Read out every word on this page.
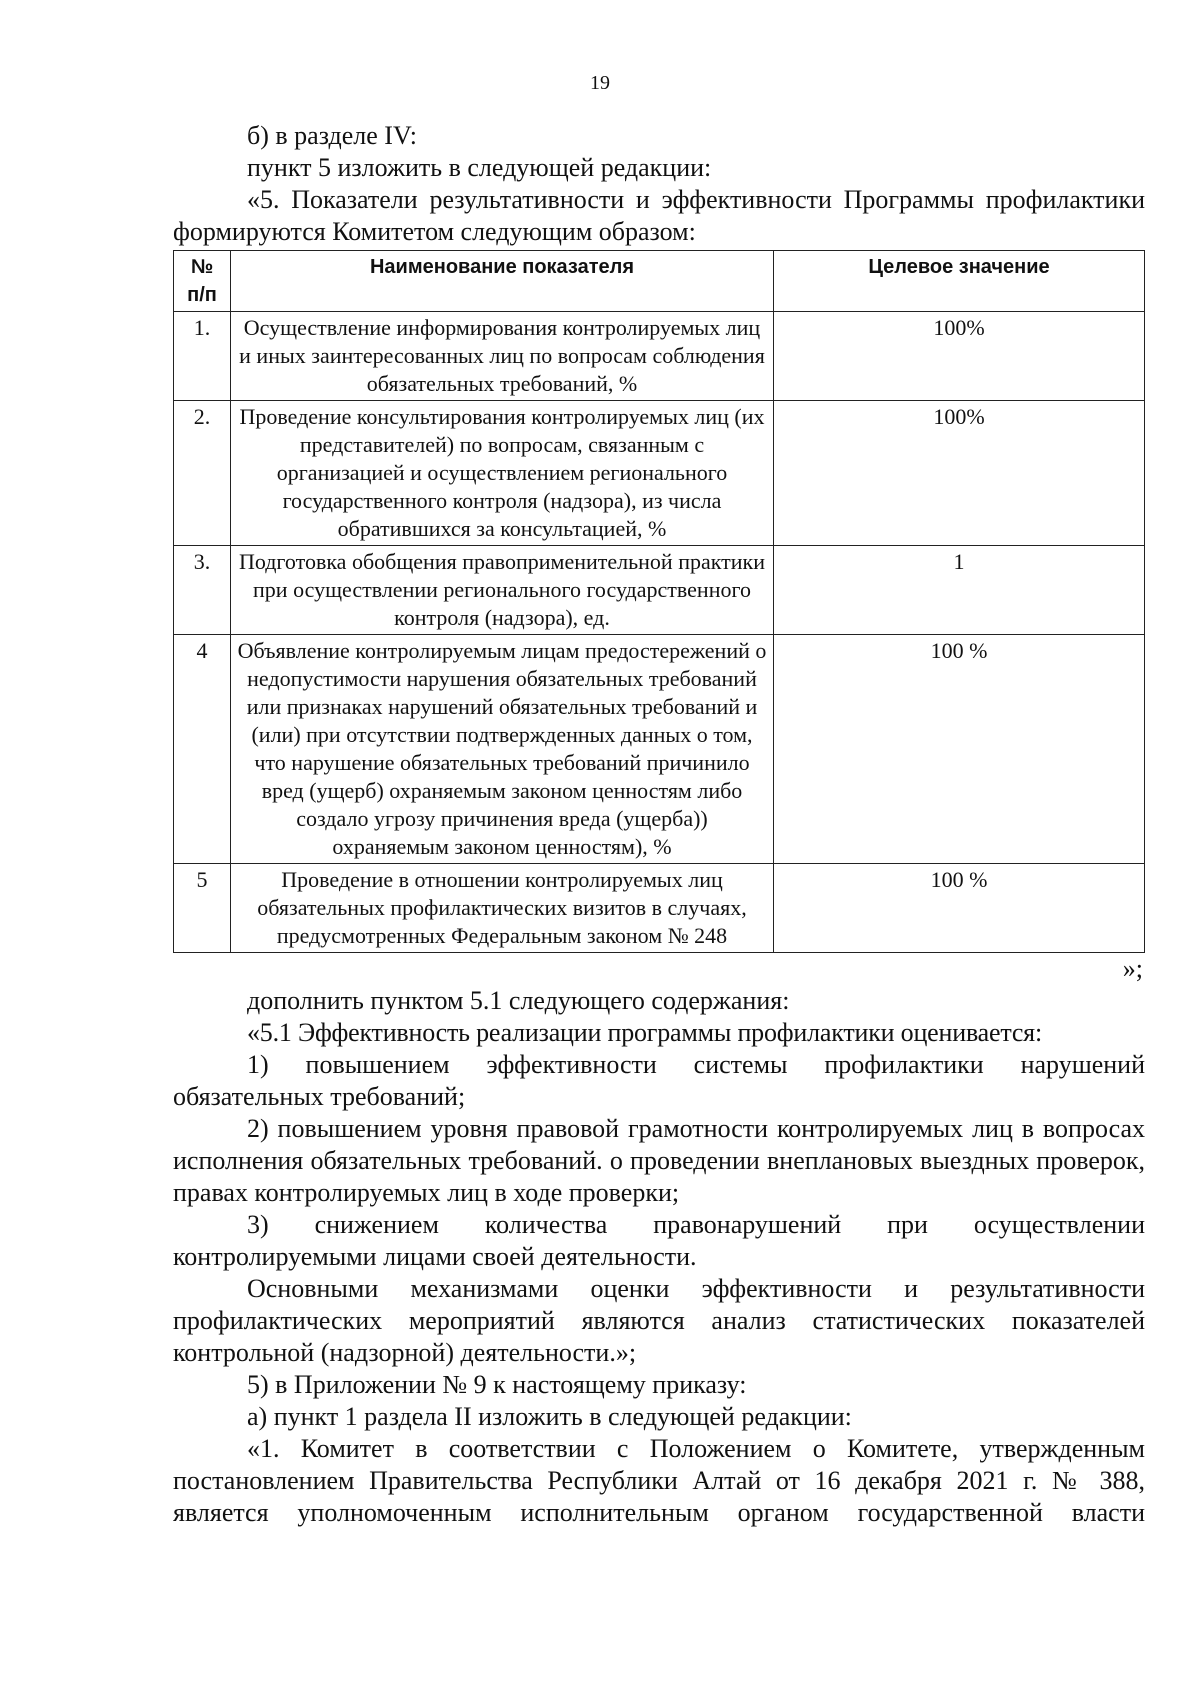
19

б) в разделе IV:

пункт 5 изложить в следующей редакции:

«5. Показатели результативности и эффективности Программы профилактики формируются Комитетом следующим образом:

№ п/п	Наименование показателя	Целевое значение
1.	Осуществление информирования контролируемых лиц и иных заинтересованных лиц по вопросам соблюдения обязательных требований, %	100%
2.	Проведение консультирования контролируемых лиц (их представителей) по вопросам, связанным с организацией и осуществлением регионального государственного контроля (надзора), из числа обратившихся за консультацией, %	100%
3.	Подготовка обобщения правоприменительной практики при осуществлении регионального государственного контроля (надзора), ед.	1
4	Объявление контролируемым лицам предостережений о недопустимости нарушения обязательных требований или признаках нарушений обязательных требований и (или) при отсутствии подтвержденных данных о том, что нарушение обязательных требований причинило вред (ущерб) охраняемым законом ценностям либо создало угрозу причинения вреда (ущерба)) охраняемым законом ценностям), %	100 %
5	Проведение в отношении контролируемых лиц обязательных профилактических визитов в случаях, предусмотренных Федеральным законом № 248	100 %
»;

дополнить пунктом 5.1 следующего содержания:

«5.1 Эффективность реализации программы профилактики оценивается:

1) повышением эффективности системы профилактики нарушений обязательных требований;

2) повышением уровня правовой грамотности контролируемых лиц в вопросах исполнения обязательных требований. о проведении внеплановых выездных проверок, правах контролируемых лиц в ходе проверки;

3) снижением количества правонарушений при осуществлении контролируемыми лицами своей деятельности.

Основными механизмами оценки эффективности и результативности профилактических мероприятий являются анализ статистических показателей контрольной (надзорной) деятельности.»;

5) в Приложении № 9 к настоящему приказу:

а) пункт 1 раздела II изложить в следующей редакции:

«1. Комитет в соответствии с Положением о Комитете, утвержденным постановлением Правительства Республики Алтай от 16 декабря 2021 г. № 388, является уполномоченным исполнительным органом государственной власти
